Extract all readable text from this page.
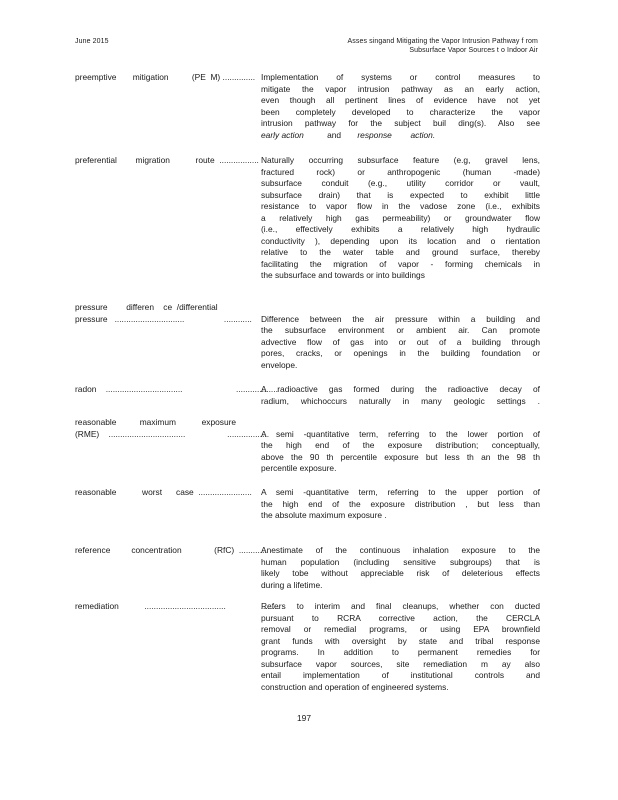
June 2015	Asses singand Mitigating the Vapor Intrusion Pathway f rom
Subsurface Vapor Sources t o Indoor Air
preemptive       mitigation          (PE  M) .............. Implementation of systems or control measures to
mitigate the vapor intrusion pathway as an early action,
even though all pertinent lines of evidence have not yet
been completely developed to characterize the vapor
intrusion pathway for the subject buil ding(s). Also see
early action	and response action.
preferential        migration           route  ................. Naturally occurring subsurface feature (e.g, gravel lens,
fractured rock) or anthropogenic (human -made)
subsurface conduit (e.g., utility corridor or vault,
subsurface drain) that is expected to exhibit little
resistance to vapor flow in the vadose zone (i.e., exhibits
a relatively high gas permeability) or groundwater flow
(i.e., effectively exhibits a relatively high hydraulic
conductivity ), depending upon its location and o rientation
relative to the water table and ground surface, thereby
facilitating the migration of vapor - forming chemicals in
the subsurface and towards or into buildings
pressure        differen    ce  /differential
pressure   ..............................                 ............	Difference between the air pressure within a building and
the subsurface environment or ambient air. Can promote
advective flow of gas into or out of a building through
pores, cracks, or openings in the building foundation or
envelope.
radon    .................................                       ..................
A radioactive gas formed during the radioactive decay of
radium, whichoccurs naturally in many geologic settings .
reasonable          maximum           exposure
(RME)    .................................                  ..................
A semi -quantitative term, referring to the lower portion of
the high end of the exposure distribution; conceptually,
above the 90 th percentile exposure but less th an the 98 th
percentile exposure.
reasonable           worst      case  .......................	A semi -quantitative term, referring to the upper portion of
the high end of the exposure distribution , but less than
the absolute maximum exposure .
reference         concentration              (RfC)  ............
Anestimate of the continuous inhalation exposure to the
human population (including sensitive subgroups) that is
likely tobe without appreciable risk of deleterious effects
during a lifetime.
remediation           ...................................               ........
Refers to interim and final cleanups, whether con ducted
pursuant to RCRA corrective action, the CERCLA
removal or remedial programs, or using EPA brownfield
grant funds with oversight by state and tribal response
programs. In addition to permanent remedies for
subsurface vapor sources, site remediation m ay also
entail implementation of institutional controls and
construction and operation of engineered systems.
197
